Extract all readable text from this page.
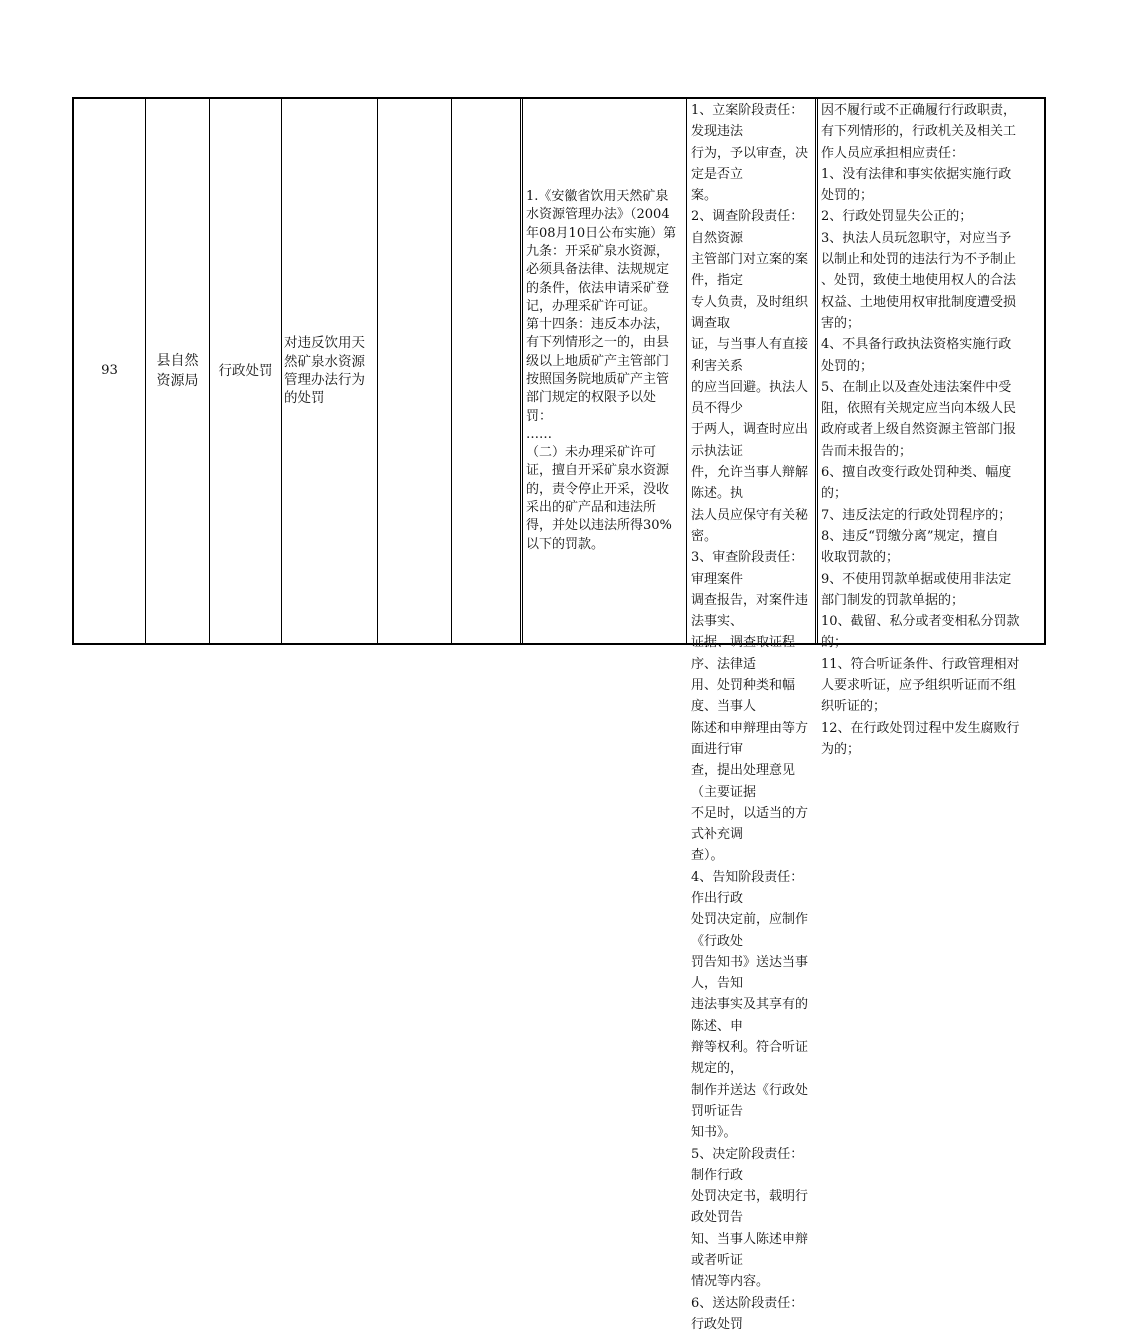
93
县自然
资源局
行政处罚
对违反饮用天
然矿泉水资源
管理办法行为
的处罚
1.《安徽省饮用天然矿泉
水资源管理办法》（2004
年08月10日公布实施）第
九条：开采矿泉水资源，
必须具备法律、法规规定
的条件，依法申请采矿登
记，办理采矿许可证。
第十四条：违反本办法，
有下列情形之一的，由县
级以上地质矿产主管部门
按照国务院地质矿产主管
部门规定的权限予以处
罚：
……
（二）未办理采矿许可
证，擅自开采矿泉水资源
的，责令停止开采，没收
采出的矿产品和违法所
得，并处以违法所得30%
以下的罚款。
1、立案阶段责任：发现违法
行为，予以审查，决定是否立
案。
2、调查阶段责任：自然资源
主管部门对立案的案件，指定
专人负责，及时组织调查取
证，与当事人有直接利害关系
的应当回避。执法人员不得少
于两人，调查时应出示执法证
件，允许当事人辩解陈述。执
法人员应保守有关秘密。
3、审查阶段责任：审理案件
调查报告，对案件违法事实、
证据、调查取证程序、法律适
用、处罚种类和幅度、当事人
陈述和申辩理由等方面进行审
查，提出处理意见（主要证据
不足时，以适当的方式补充调
查）。
4、告知阶段责任：作出行政
处罚决定前，应制作《行政处
罚告知书》送达当事人，告知
违法事实及其享有的陈述、申
辩等权利。符合听证规定的，
制作并送达《行政处罚听证告
知书》。
5、决定阶段责任：制作行政
处罚决定书，载明行政处罚告
知、当事人陈述申辩或者听证
情况等内容。
6、送达阶段责任：行政处罚
因不履行或不正确履行行政职责，
有下列情形的，行政机关及相关工
作人员应承担相应责任：
1、没有法律和事实依据实施行政
处罚的；
2、行政处罚显失公正的；
3、执法人员玩忽职守，对应当予
以制止和处罚的违法行为不予制止
、处罚，致使土地使用权人的合法
权益、土地使用权审批制度遭受损
害的；
4、不具备行政执法资格实施行政
处罚的；
5、在制止以及查处违法案件中受
阻，依照有关规定应当向本级人民
政府或者上级自然资源主管部门报
告而未报告的；
6、擅自改变行政处罚种类、幅度
的；
7、违反法定的行政处罚程序的；
8、违反“罚缴分离”规定，擅自
收取罚款的；
9、不使用罚款单据或使用非法定
部门制发的罚款单据的；
10、截留、私分或者变相私分罚款
的；
11、符合听证条件、行政管理相对
人要求听证，应予组织听证而不组
织听证的；
12、在行政处罚过程中发生腐败行
为的；
